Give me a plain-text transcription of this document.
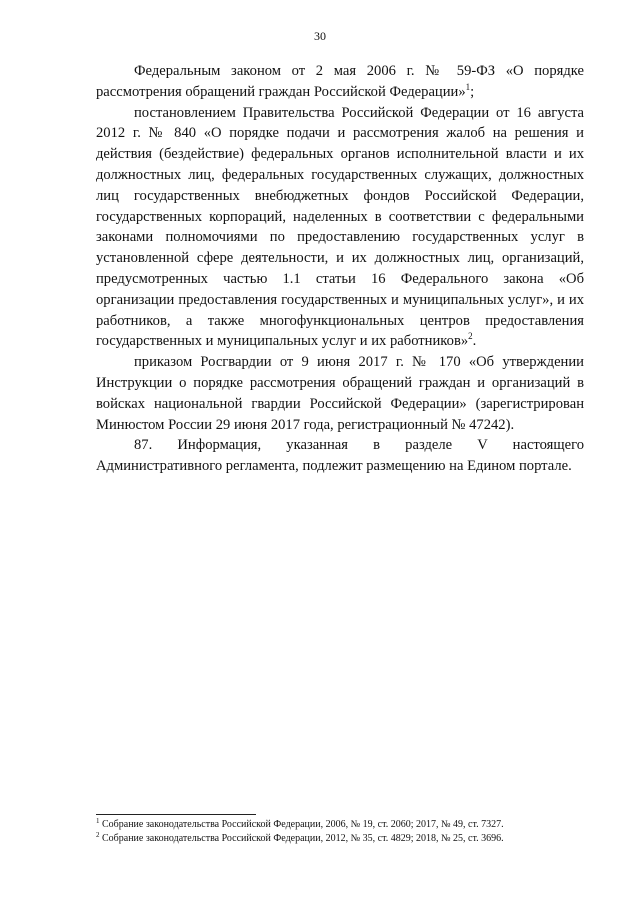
30

Федеральным законом от 2 мая 2006 г. № 59-ФЗ «О порядке рассмотрения обращений граждан Российской Федерации»$^1$;

постановлением Правительства Российской Федерации от 16 августа 2012 г. № 840 «О порядке подачи и рассмотрения жалоб на решения и действия (бездействие) федеральных органов исполнительной власти и их должностных лиц, федеральных государственных служащих, должностных лиц государственных внебюджетных фондов Российской Федерации, государственных корпораций, наделенных в соответствии с федеральными законами полномочиями по предоставлению государственных услуг в установленной сфере деятельности, и их должностных лиц, организаций, предусмотренных частью 1.1 статьи 16 Федерального закона «Об организации предоставления государственных и муниципальных услуг», и их работников, а также многофункциональных центров предоставления государственных и муниципальных услуг и их работников»$^2$.

приказом Росгвардии от 9 июня 2017 г. № 170 «Об утверждении Инструкции о порядке рассмотрения обращений граждан и организаций в войсках национальной гвардии Российской Федерации» (зарегистрирован Минюстом России 29 июня 2017 года, регистрационный № 47242).

87. Информация, указанная в разделе V настоящего Административного регламента, подлежит размещению на Едином портале.

$^1$ Собрание законодательства Российской Федерации, 2006, № 19, ст. 2060; 2017, № 49, ст. 7327.

$^2$ Собрание законодательства Российской Федерации, 2012, № 35, ст. 4829; 2018, № 25, ст. 3696.
